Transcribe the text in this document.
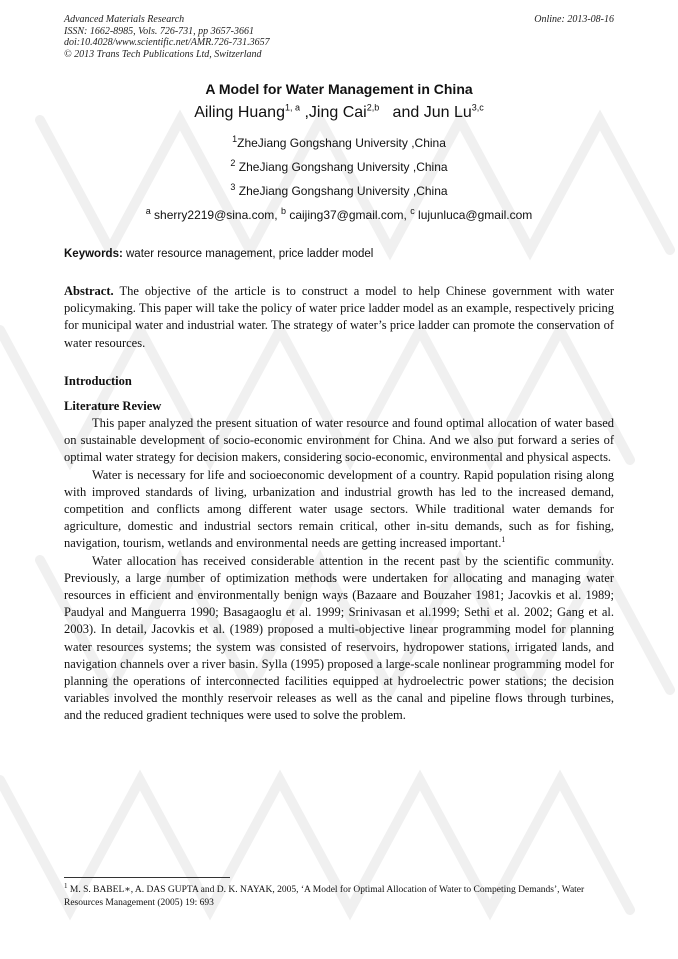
Advanced Materials Research
ISSN: 1662-8985, Vols. 726-731, pp 3657-3661
doi:10.4028/www.scientific.net/AMR.726-731.3657
© 2013 Trans Tech Publications Ltd, Switzerland
Online: 2013-08-16
A Model for Water Management in China
Ailing Huang$^{1, a}$ ,Jing Cai$^{2,b}$   and Jun Lu$^{3,c}$
$^1$ZheJiang Gongshang University ,China
$^2$ ZheJiang Gongshang University ,China
$^3$ ZheJiang Gongshang University ,China
$^a$ sherry2219@sina.com, $^b$ caijing37@gmail.com, $^c$ lujunluca@gmail.com
Keywords: water resource management, price ladder model
Abstract. The objective of the article is to construct a model to help Chinese government with water policymaking. This paper will take the policy of water price ladder model as an example, respectively pricing for municipal water and industrial water. The strategy of water’s price ladder can promote the conservation of water resources.
Introduction
Literature Review

This paper analyzed the present situation of water resource and found optimal allocation of water based on sustainable development of socio-economic environment for China. And we also put forward a series of optimal water strategy for decision makers, considering socio-economic, environmental and physical aspects.

Water is necessary for life and socioeconomic development of a country. Rapid population rising along with improved standards of living, urbanization and industrial growth has led to the increased demand, competition and conflicts among different water usage sectors. While traditional water demands for agriculture, domestic and industrial sectors remain critical, other in-situ demands, such as for fishing, navigation, tourism, wetlands and environmental needs are getting increased important.$^1$

Water allocation has received considerable attention in the recent past by the scientific community. Previously, a large number of optimization methods were undertaken for allocating and managing water resources in efficient and environmentally benign ways (Bazaare and Bouzaher 1981; Jacovkis et al. 1989; Paudyal and Manguerra 1990; Basagaoglu et al. 1999; Srinivasan et al.1999; Sethi et al. 2002; Gang et al. 2003). In detail, Jacovkis et al. (1989) proposed a multi-objective linear programming model for planning water resources systems; the system was consisted of reservoirs, hydropower stations, irrigated lands, and navigation channels over a river basin. Sylla (1995) proposed a large-scale nonlinear programming model for planning the operations of interconnected facilities equipped at hydroelectric power stations; the decision variables involved the monthly reservoir releases as well as the canal and pipeline flows through turbines, and the reduced gradient techniques were used to solve the problem.

$^1$ M. S. BABEL∗, A. DAS GUPTA and D. K. NAYAK, 2005, ‘A Model for Optimal Allocation of Water to Competing Demands’, Water Resources Management (2005) 19: 693
